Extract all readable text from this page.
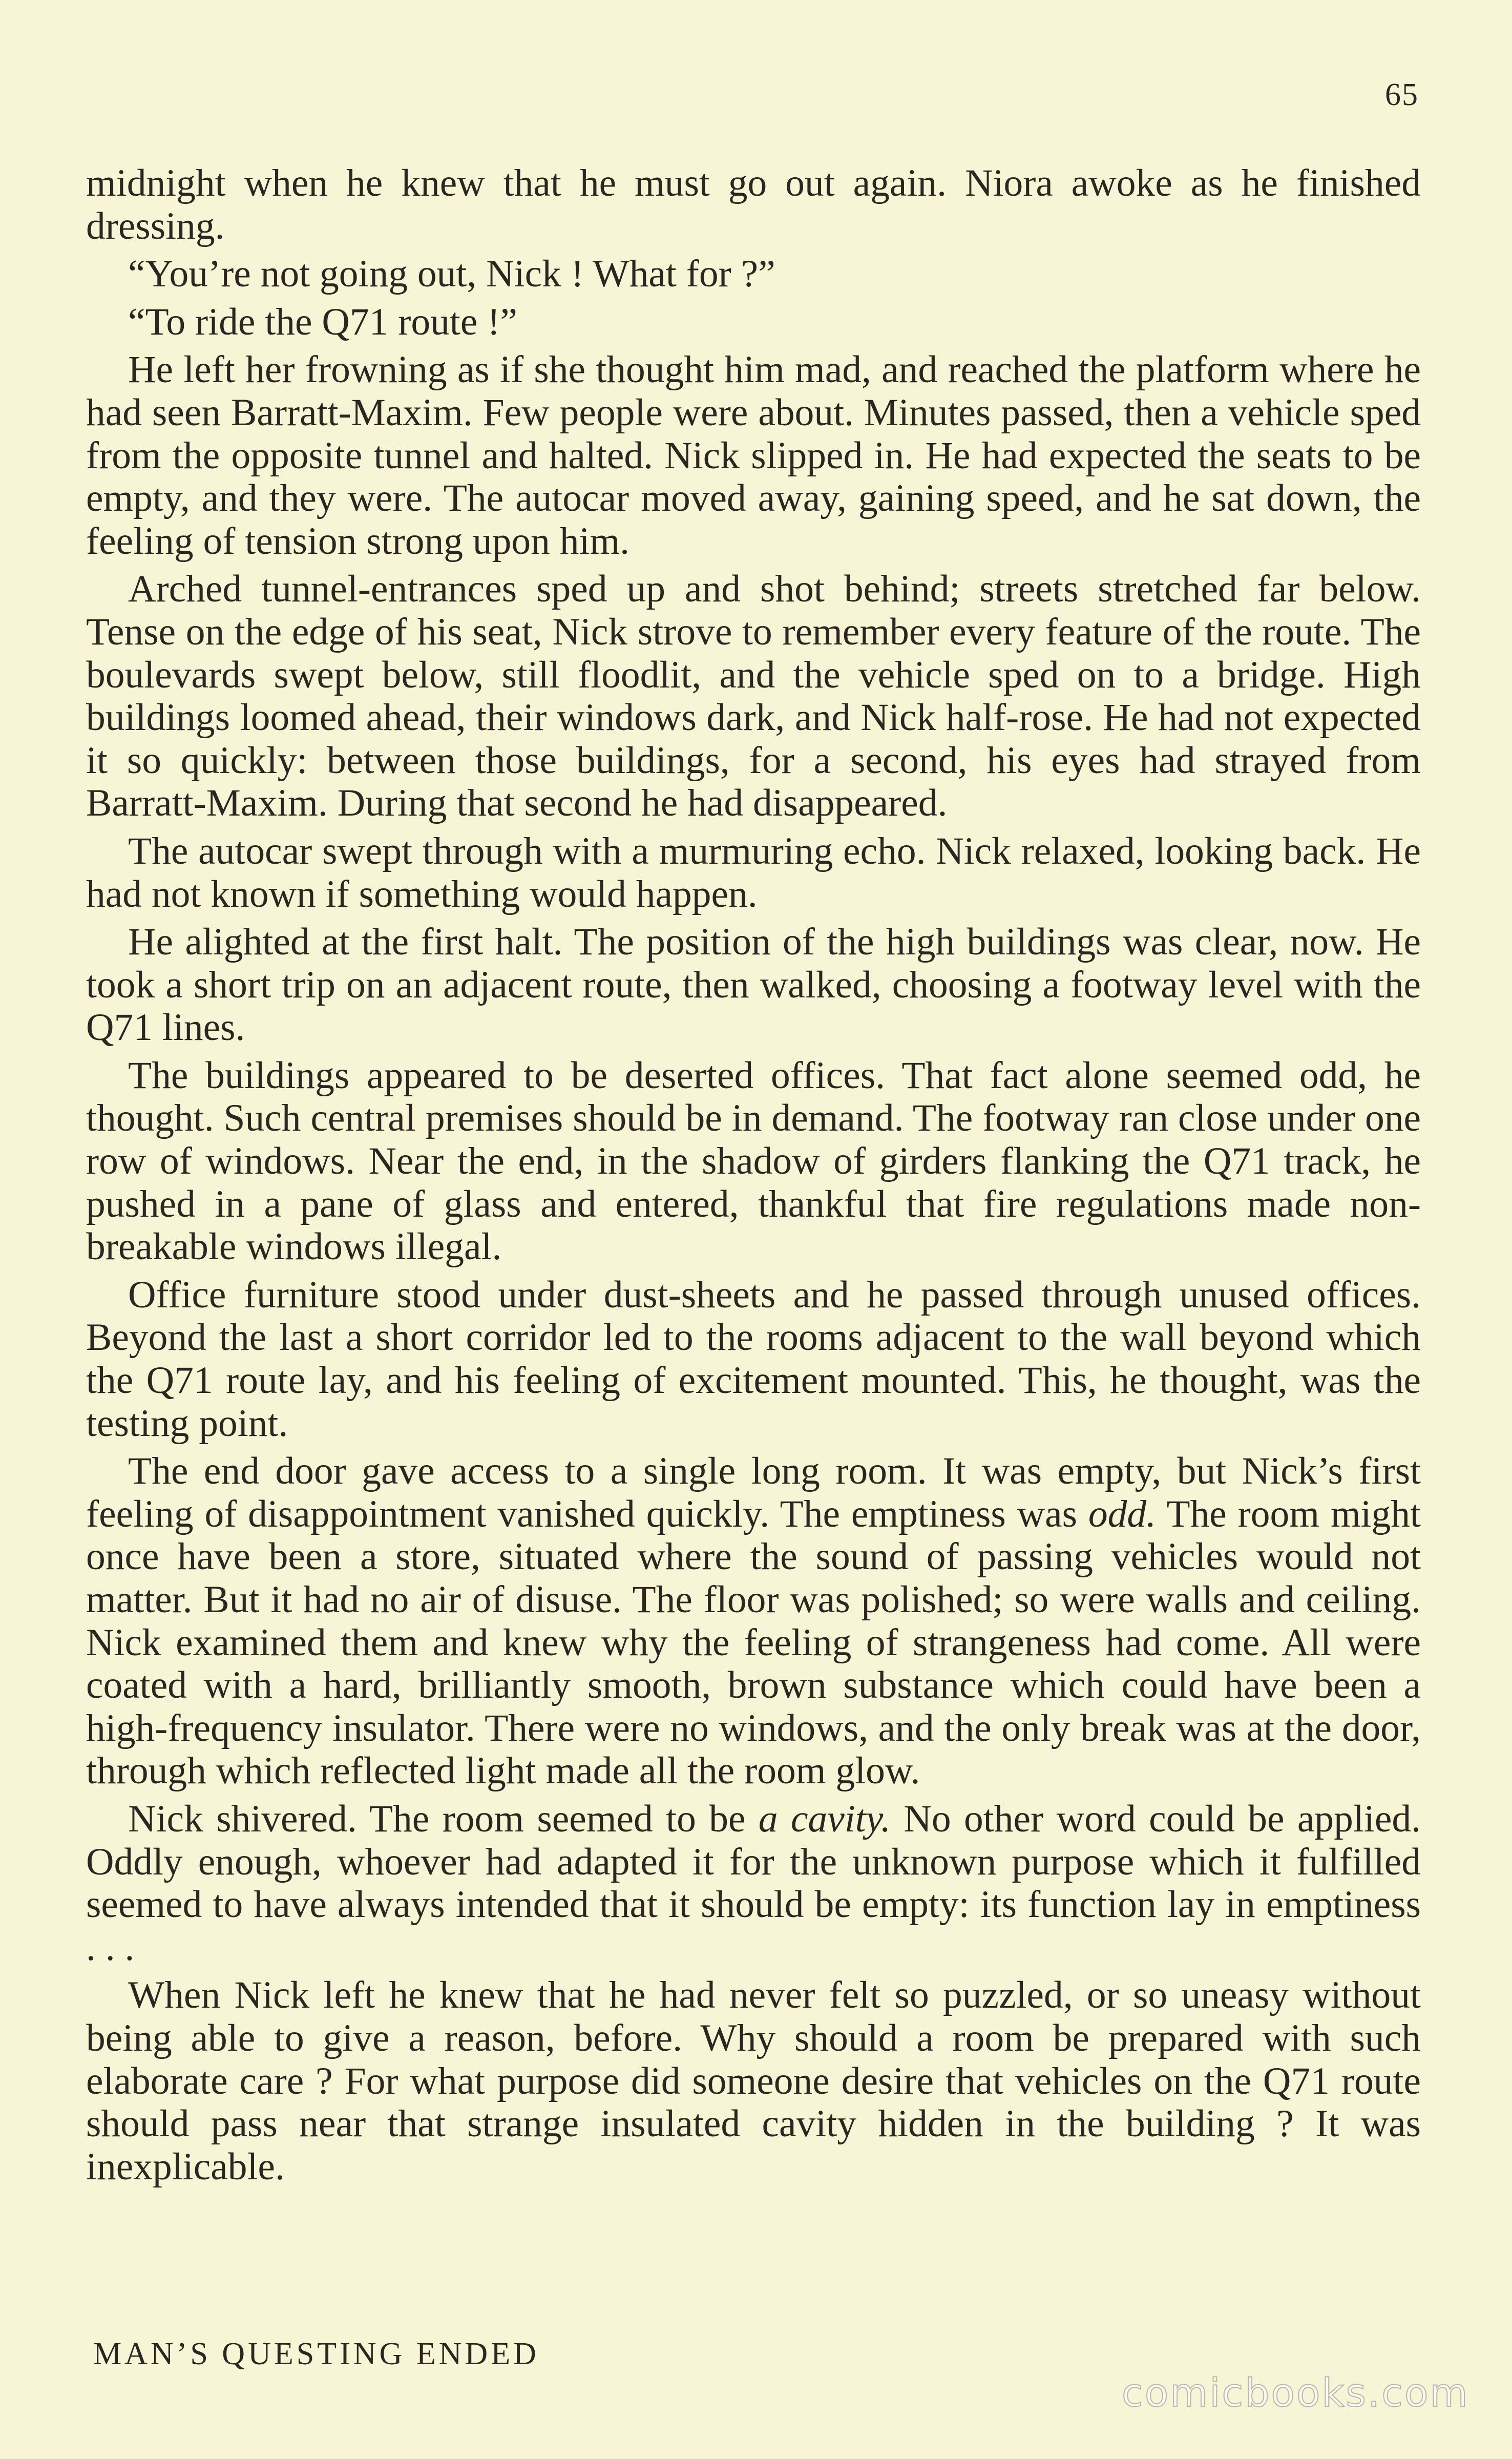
65

midnight when he knew that he must go out again. Niora awoke as he finished dressing.

“You’re not going out, Nick ! What for ?”

“To ride the Q71 route !”

He left her frowning as if she thought him mad, and reached the platform where he had seen Barratt-Maxim. Few people were about. Minutes passed, then a vehicle sped from the opposite tunnel and halted. Nick slipped in. He had expected the seats to be empty, and they were. The autocar moved away, gaining speed, and he sat down, the feeling of tension strong upon him.

Arched tunnel-entrances sped up and shot behind; streets stretched far below. Tense on the edge of his seat, Nick strove to remember every feature of the route. The boulevards swept below, still floodlit, and the vehicle sped on to a bridge. High buildings loomed ahead, their windows dark, and Nick half-rose. He had not expected it so quickly: between those buildings, for a second, his eyes had strayed from Barratt-Maxim. During that second he had disappeared.

The autocar swept through with a murmuring echo. Nick relaxed, looking back. He had not known if something would happen.

He alighted at the first halt. The position of the high buildings was clear, now. He took a short trip on an adjacent route, then walked, choosing a footway level with the Q71 lines.

The buildings appeared to be deserted offices. That fact alone seemed odd, he thought. Such central premises should be in demand. The footway ran close under one row of windows. Near the end, in the shadow of girders flanking the Q71 track, he pushed in a pane of glass and entered, thankful that fire regulations made non-breakable windows illegal.

Office furniture stood under dust-sheets and he passed through unused offices. Beyond the last a short corridor led to the rooms adjacent to the wall beyond which the Q71 route lay, and his feeling of excitement mounted. This, he thought, was the testing point.

The end door gave access to a single long room. It was empty, but Nick’s first feeling of disappointment vanished quickly. The emptiness was odd. The room might once have been a store, situated where the sound of passing vehicles would not matter. But it had no air of disuse. The floor was polished; so were walls and ceiling. Nick examined them and knew why the feeling of strangeness had come. All were coated with a hard, brilliantly smooth, brown substance which could have been a high-frequency insulator. There were no windows, and the only break was at the door, through which reflected light made all the room glow.

Nick shivered. The room seemed to be a cavity. No other word could be applied. Oddly enough, whoever had adapted it for the unknown purpose which it fulfilled seemed to have always intended that it should be empty: its function lay in emptiness . . .

When Nick left he knew that he had never felt so puzzled, or so uneasy without being able to give a reason, before. Why should a room be prepared with such elaborate care ? For what purpose did someone desire that vehicles on the Q71 route should pass near that strange insulated cavity hidden in the building ? It was inexplicable.

MAN’S QUESTING ENDED
comicbooks.com
